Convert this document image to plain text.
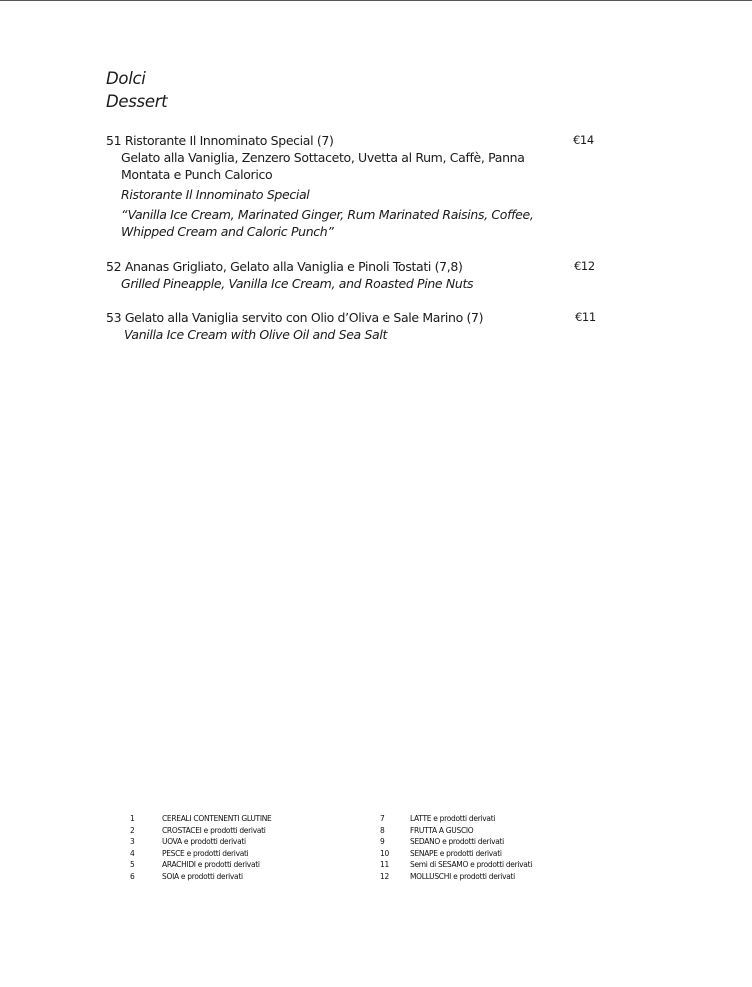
Dolci
Dessert
51 Ristorante Il Innominato Special (7)	€14
Gelato alla Vaniglia, Zenzero Sottaceto, Uvetta al Rum, Caffè, Panna
Montata e Punch Calorico
Ristorante Il Innominato Special
“Vanilla Ice Cream, Marinated Ginger, Rum Marinated Raisins, Coffee,
Whipped Cream and Caloric Punch”
52 Ananas Grigliato, Gelato alla Vaniglia e Pinoli Tostati (7,8)	€12
Grilled Pineapple, Vanilla Ice Cream, and Roasted Pine Nuts
53 Gelato alla Vaniglia servito con Olio d’Oliva e Sale Marino (7)	€11
Vanilla Ice Cream with Olive Oil and Sea Salt
1	CEREALI CONTENENTI GLUTINE
2	CROSTACEI e prodotti derivati
3	UOVA e prodotti derivati
4	PESCE e prodotti derivati
5	ARACHIDI e prodotti derivati
6	SOIA e prodotti derivati
7	LATTE e prodotti derivati
8	FRUTTA A GUSCIO
9	SEDANO e prodotti derivati
10	SENAPE e prodotti derivati
11	Semi di SESAMO e prodotti derivati
12	MOLLUSCHI e prodotti derivati
